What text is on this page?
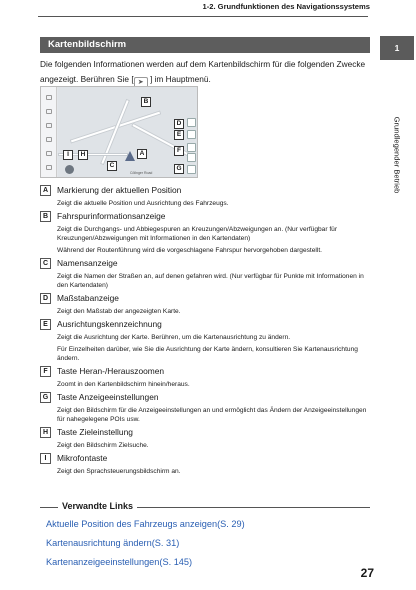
1-2. Grundfunktionen des Navigationssystems
1
Grundlegender Betrieb
Kartenbildschirm
Die folgenden Informationen werden auf dem Kartenbildschirm für die folgenden Zwecke angezeigt. Berühren Sie [ ➤ ] im Hauptmenü.
Cöllnger Road
B
D
E
F
G
I	H	A
C
A	Markierung der aktuellen Position
Zeigt die aktuelle Position und Ausrichtung des Fahrzeugs.
B	Fahrspurinformationsanzeige
Zeigt die Durchgangs- und Abbiegespuren an Kreuzungen/Abzweigungen an. (Nur verfügbar für Kreuzungen/Abzweigungen mit Informationen in den Kartendaten)
Während der Routenführung wird die vorgeschlagene Fahrspur hervorgehoben dargestellt.
C	Namensanzeige
Zeigt die Namen der Straßen an, auf denen gefahren wird. (Nur verfügbar für Punkte mit Informationen in den Kartendaten)
D	Maßstabanzeige
Zeigt den Maßstab der angezeigten Karte.
E	Ausrichtungskennzeichnung
Zeigt die Ausrichtung der Karte. Berühren, um die Kartenausrichtung zu ändern.
Für Einzelheiten darüber, wie Sie die Ausrichtung der Karte ändern, konsultieren Sie Kartenausrichtung ändern.
F	Taste Heran-/Herauszoomen
Zoomt in den Kartenbildschirm hinein/heraus.
G	Taste Anzeigeeinstellungen
Zeigt den Bildschirm für die Anzeigeeinstellungen an und ermöglicht das Ändern der Anzeigeeinstellungen für nahegelegene POIs usw.
H	Taste Zieleinstellung
Zeigt den Bildschirm Zielsuche.
I	Mikrofontaste
Zeigt den Sprachsteuerungsbildschirm an.
Verwandte Links
Aktuelle Position des Fahrzeugs anzeigen(S. 29)
Kartenausrichtung ändern(S. 31)
Kartenanzeigeeinstellungen(S. 145)
27
